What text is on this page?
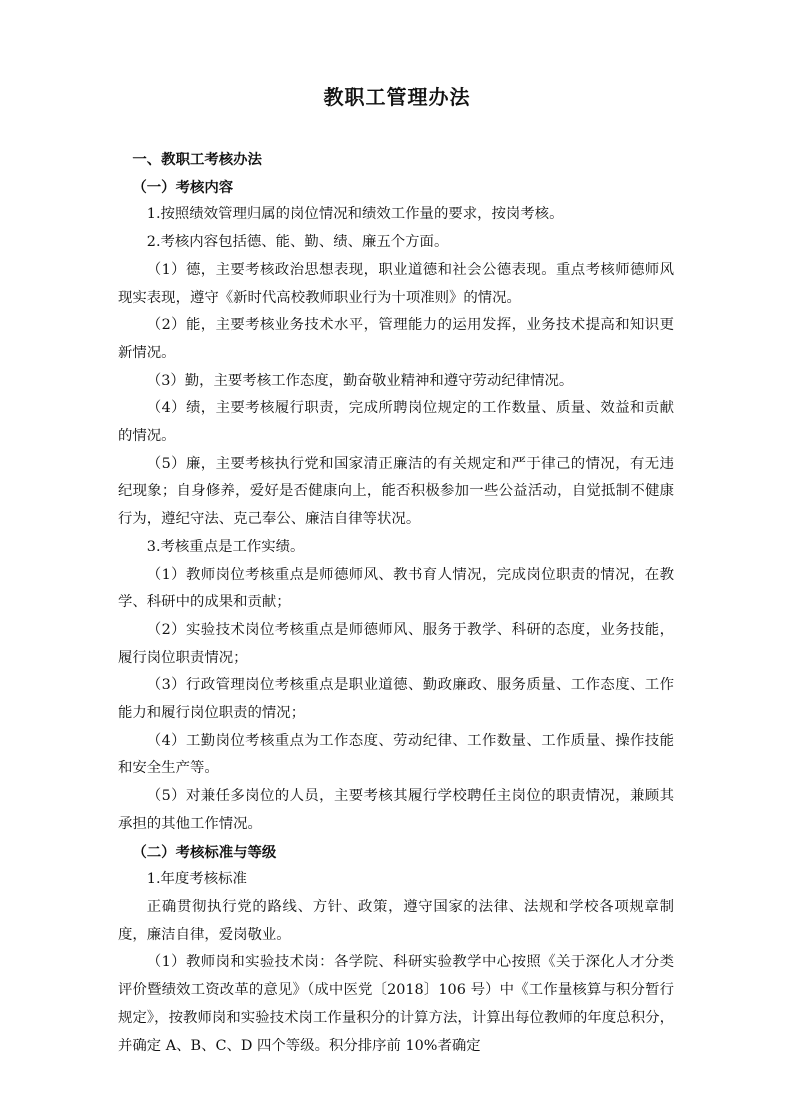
教职工管理办法

一、教职工考核办法

（一）考核内容

1.按照绩效管理归属的岗位情况和绩效工作量的要求，按岗考核。

2.考核内容包括德、能、勤、绩、廉五个方面。

（1）德，主要考核政治思想表现，职业道德和社会公德表现。重点考核师德师风现实表现，遵守《新时代高校教师职业行为十项准则》的情况。

（2）能，主要考核业务技术水平，管理能力的运用发挥，业务技术提高和知识更新情况。

（3）勤，主要考核工作态度，勤奋敬业精神和遵守劳动纪律情况。

（4）绩，主要考核履行职责，完成所聘岗位规定的工作数量、质量、效益和贡献的情况。

（5）廉，主要考核执行党和国家清正廉洁的有关规定和严于律己的情况，有无违纪现象；自身修养，爱好是否健康向上，能否积极参加一些公益活动，自觉抵制不健康行为，遵纪守法、克己奉公、廉洁自律等状况。

3.考核重点是工作实绩。

（1）教师岗位考核重点是师德师风、教书育人情况，完成岗位职责的情况，在教学、科研中的成果和贡献；

（2）实验技术岗位考核重点是师德师风、服务于教学、科研的态度，业务技能，履行岗位职责情况；

（3）行政管理岗位考核重点是职业道德、勤政廉政、服务质量、工作态度、工作能力和履行岗位职责的情况；

（4）工勤岗位考核重点为工作态度、劳动纪律、工作数量、工作质量、操作技能和安全生产等。

（5）对兼任多岗位的人员，主要考核其履行学校聘任主岗位的职责情况，兼顾其承担的其他工作情况。

（二）考核标准与等级

1.年度考核标准

正确贯彻执行党的路线、方针、政策，遵守国家的法律、法规和学校各项规章制度，廉洁自律，爱岗敬业。

（1）教师岗和实验技术岗：各学院、科研实验教学中心按照《关于深化人才分类评价暨绩效工资改革的意见》（成中医党〔2018〕106 号）中《工作量核算与积分暂行规定》，按教师岗和实验技术岗工作量积分的计算方法，计算出每位教师的年度总积分，并确定 A、B、C、D 四个等级。积分排序前 10%者确定
